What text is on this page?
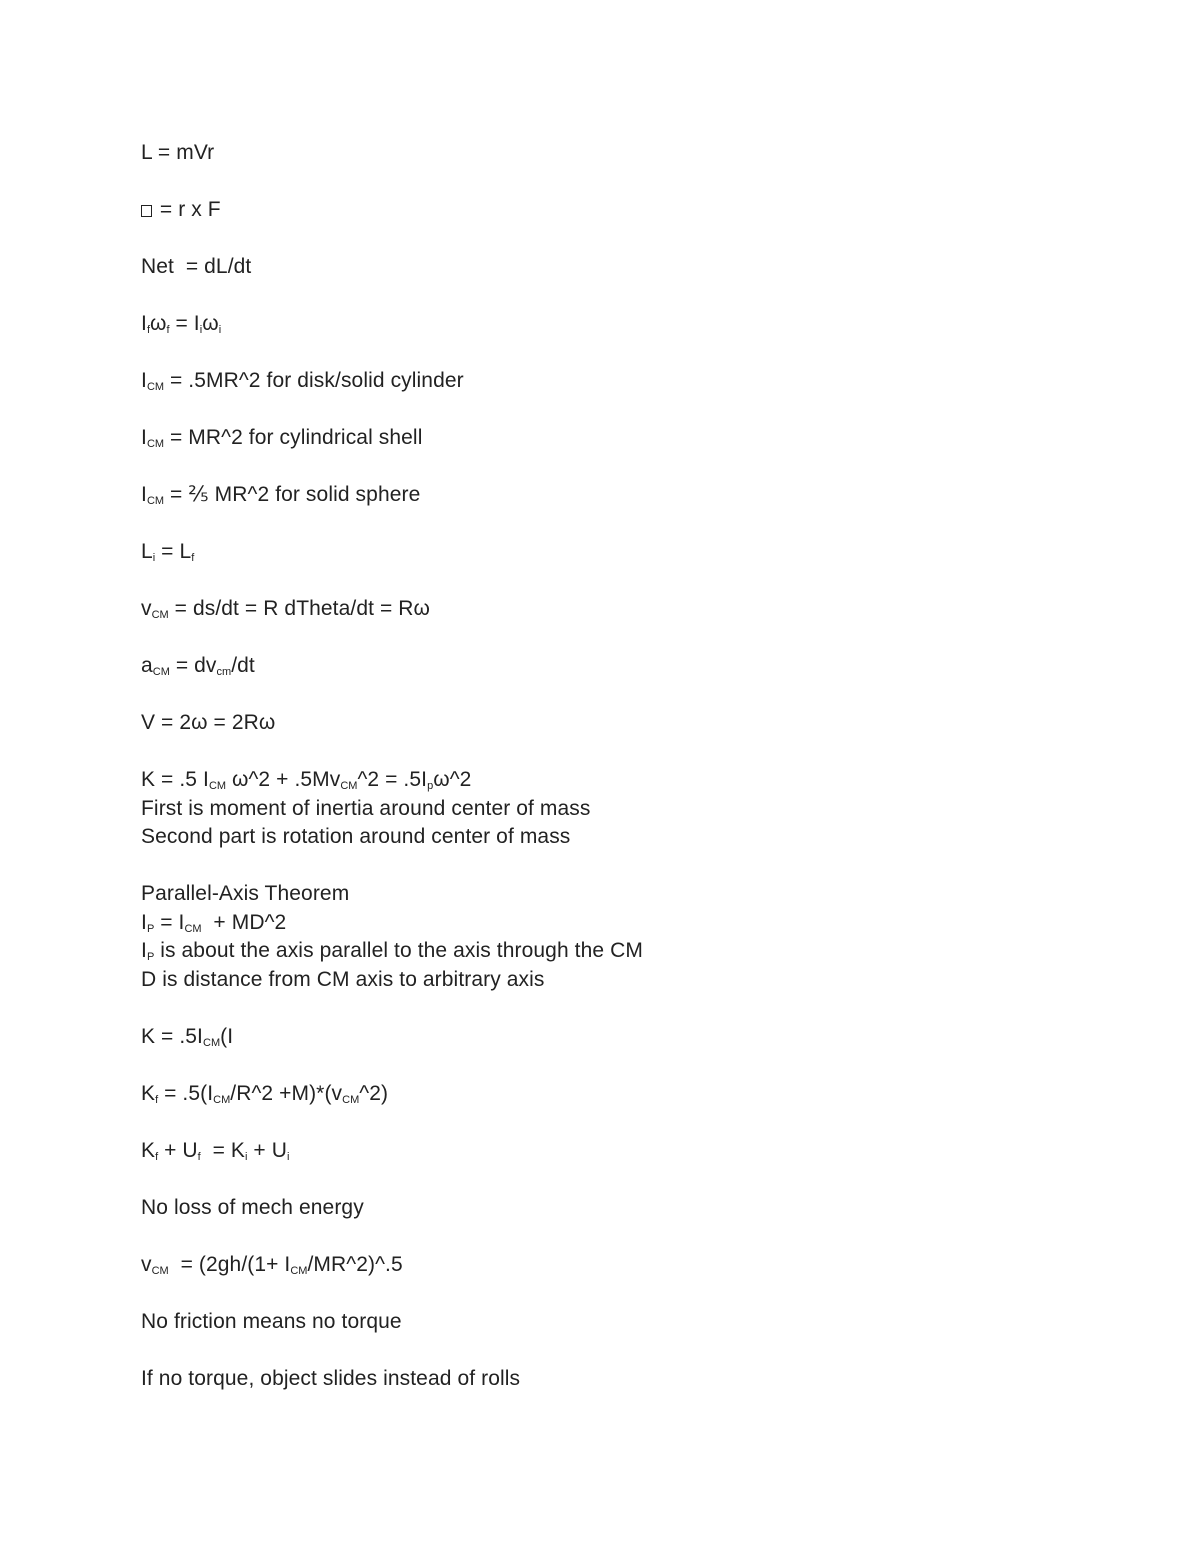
L = mVr
= r x F
Net  = dL/dt
Ifωf = Iiωi
ICM = .5MR^2 for disk/solid cylinder
ICM = MR^2 for cylindrical shell
ICM = ⅖ MR^2 for solid sphere
Li = Lf
vCM = ds/dt = R dTheta/dt = Rω
aCM = dvcm/dt
V = 2ω = 2Rω
K = .5 ICM ω^2 + .5MvCM^2 = .5Ipω^2
First is moment of inertia around center of mass
Second part is rotation around center of mass
Parallel-Axis Theorem
IP = ICM  + MD^2
IP is about the axis parallel to the axis through the CM
D is distance from CM axis to arbitrary axis
K = .5ICM(I
Kf = .5(ICM/R^2 +M)*(vCM^2)
Kf + Uf  = Ki + Ui
No loss of mech energy
vCM  = (2gh/(1+ ICM/MR^2)^.5
No friction means no torque
If no torque, object slides instead of rolls
